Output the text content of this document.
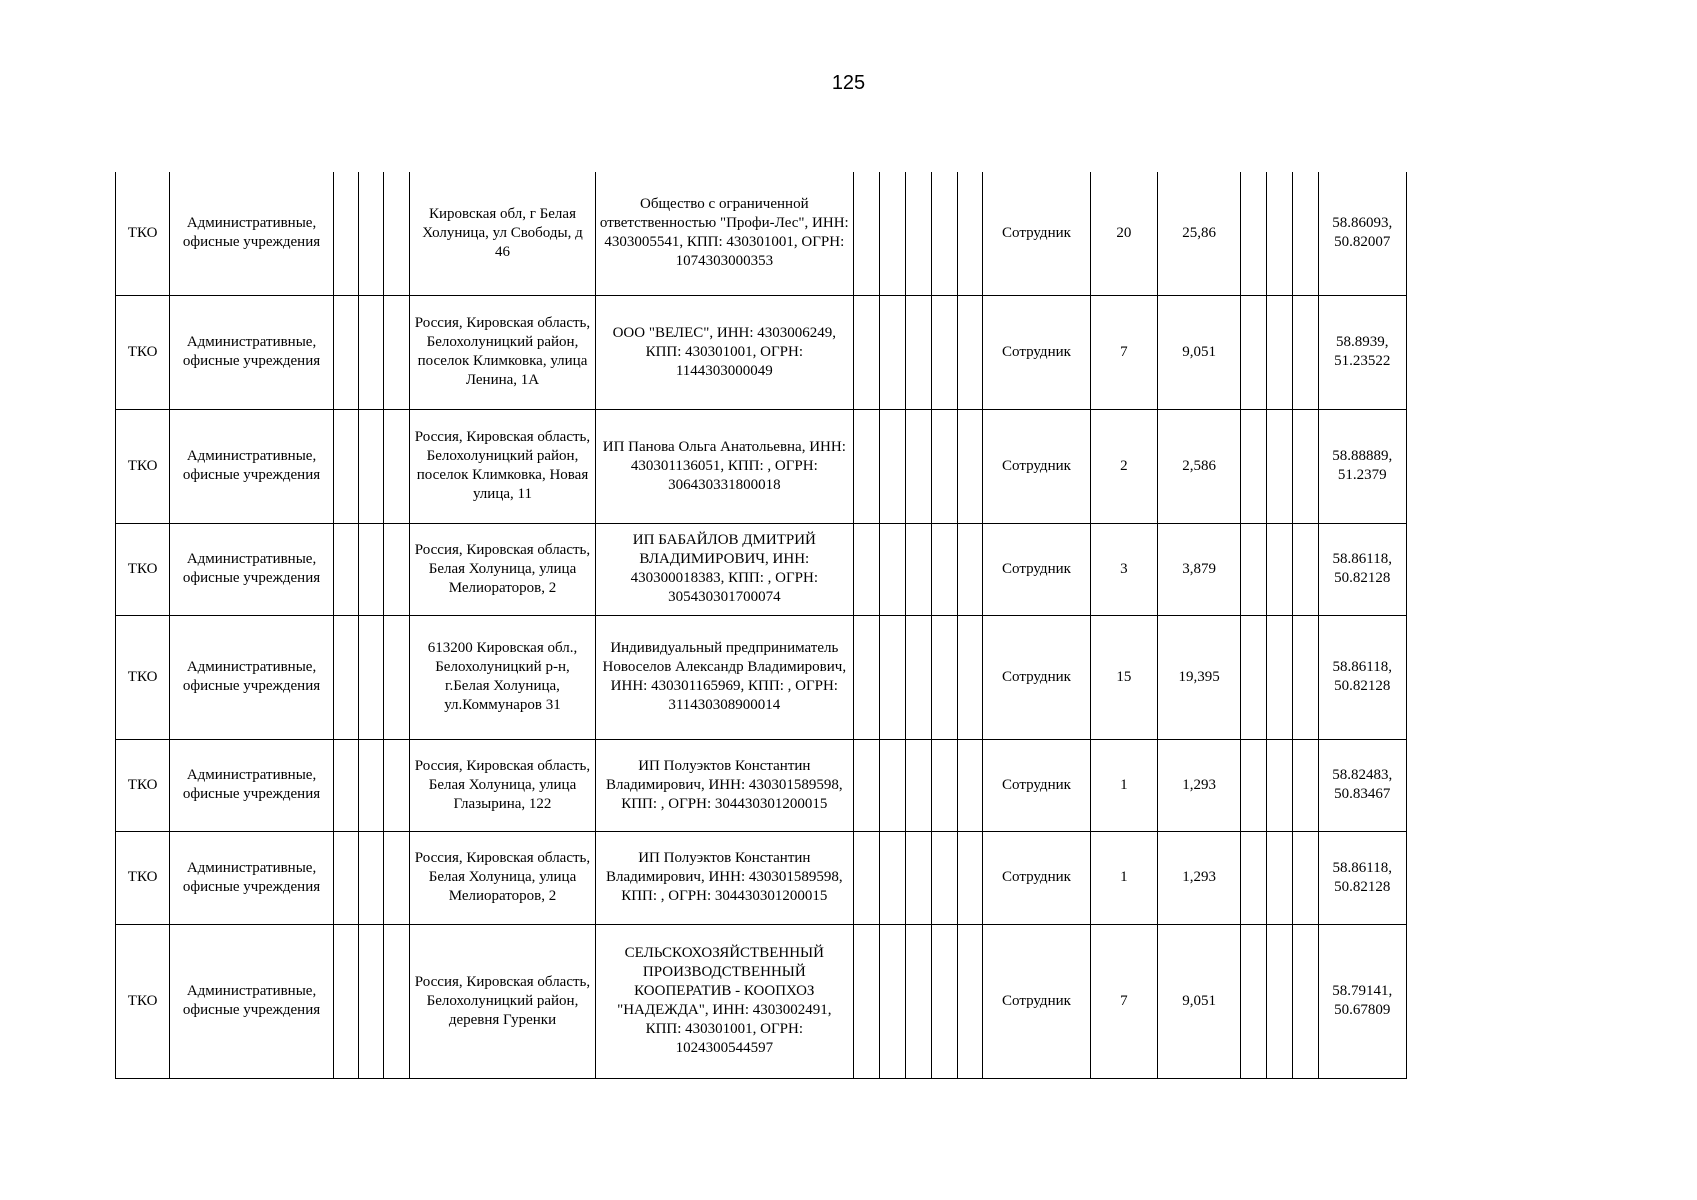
125
ТКО	Административные, офисные учреждения				Кировская обл, г Белая Холуница, ул Свободы, д 46	Общество с ограниченной ответственностью "Профи-Лес", ИНН: 4303005541, КПП: 430301001, ОГРН: 1074303000353						Сотрудник	20	25,86				58.86093, 50.82007
ТКО	Административные, офисные учреждения				Россия, Кировская область, Белохолуницкий район, поселок Климковка, улица Ленина, 1А	ООО "ВЕЛЕС", ИНН: 4303006249, КПП: 430301001, ОГРН: 1144303000049						Сотрудник	7	9,051				58.8939, 51.23522
ТКО	Административные, офисные учреждения				Россия, Кировская область, Белохолуницкий район, поселок Климковка, Новая улица, 11	ИП Панова Ольга Анатольевна, ИНН: 430301136051, КПП: , ОГРН: 306430331800018						Сотрудник	2	2,586				58.88889, 51.2379
ТКО	Административные, офисные учреждения				Россия, Кировская область, Белая Холуница, улица Мелиораторов, 2	ИП БАБАЙЛОВ ДМИТРИЙ ВЛАДИМИРОВИЧ, ИНН: 430300018383, КПП: , ОГРН: 305430301700074						Сотрудник	3	3,879				58.86118, 50.82128
ТКО	Административные, офисные учреждения				613200 Кировская обл., Белохолуницкий р-н, г.Белая Холуница, ул.Коммунаров 31	Индивидуальный предприниматель Новоселов Александр Владимирович, ИНН: 430301165969, КПП: , ОГРН: 311430308900014						Сотрудник	15	19,395				58.86118, 50.82128
ТКО	Административные, офисные учреждения				Россия, Кировская область, Белая Холуница, улица Глазырина, 122	ИП Полуэктов Константин Владимирович, ИНН: 430301589598, КПП: , ОГРН: 304430301200015						Сотрудник	1	1,293				58.82483, 50.83467
ТКО	Административные, офисные учреждения				Россия, Кировская область, Белая Холуница, улица Мелиораторов, 2	ИП Полуэктов Константин Владимирович, ИНН: 430301589598, КПП: , ОГРН: 304430301200015						Сотрудник	1	1,293				58.86118, 50.82128
ТКО	Административные, офисные учреждения				Россия, Кировская область, Белохолуницкий район, деревня Гуренки	СЕЛЬСКОХОЗЯЙСТВЕННЫЙ ПРОИЗВОДСТВЕННЫЙ КООПЕРАТИВ - КООПХОЗ "НАДЕЖДА", ИНН: 4303002491, КПП: 430301001, ОГРН: 1024300544597						Сотрудник	7	9,051				58.79141, 50.67809
